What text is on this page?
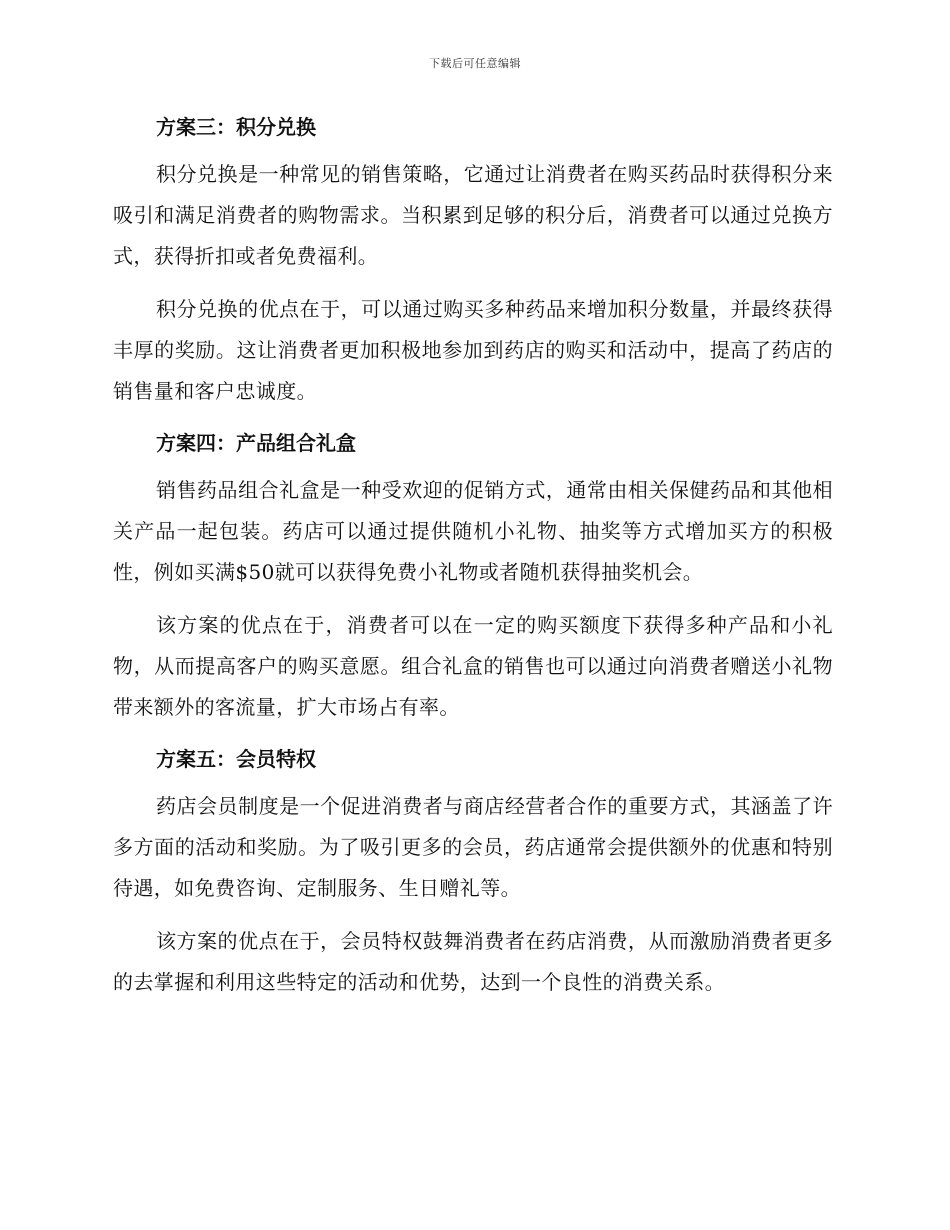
下载后可任意编辑
方案三：积分兑换

积分兑换是一种常见的销售策略，它通过让消费者在购买药品时获得积分来吸引和满足消费者的购物需求。当积累到足够的积分后，消费者可以通过兑换方式，获得折扣或者免费福利。

积分兑换的优点在于，可以通过购买多种药品来增加积分数量，并最终获得丰厚的奖励。这让消费者更加积极地参加到药店的购买和活动中，提高了药店的销售量和客户忠诚度。

方案四：产品组合礼盒

销售药品组合礼盒是一种受欢迎的促销方式，通常由相关保健药品和其他相关产品一起包装。药店可以通过提供随机小礼物、抽奖等方式增加买方的积极性，例如买满$50就可以获得免费小礼物或者随机获得抽奖机会。

该方案的优点在于，消费者可以在一定的购买额度下获得多种产品和小礼物，从而提高客户的购买意愿。组合礼盒的销售也可以通过向消费者赠送小礼物带来额外的客流量，扩大市场占有率。

方案五：会员特权

药店会员制度是一个促进消费者与商店经营者合作的重要方式，其涵盖了许多方面的活动和奖励。为了吸引更多的会员，药店通常会提供额外的优惠和特别待遇，如免费咨询、定制服务、生日赠礼等。

该方案的优点在于，会员特权鼓舞消费者在药店消费，从而激励消费者更多的去掌握和利用这些特定的活动和优势，达到一个良性的消费关系。
